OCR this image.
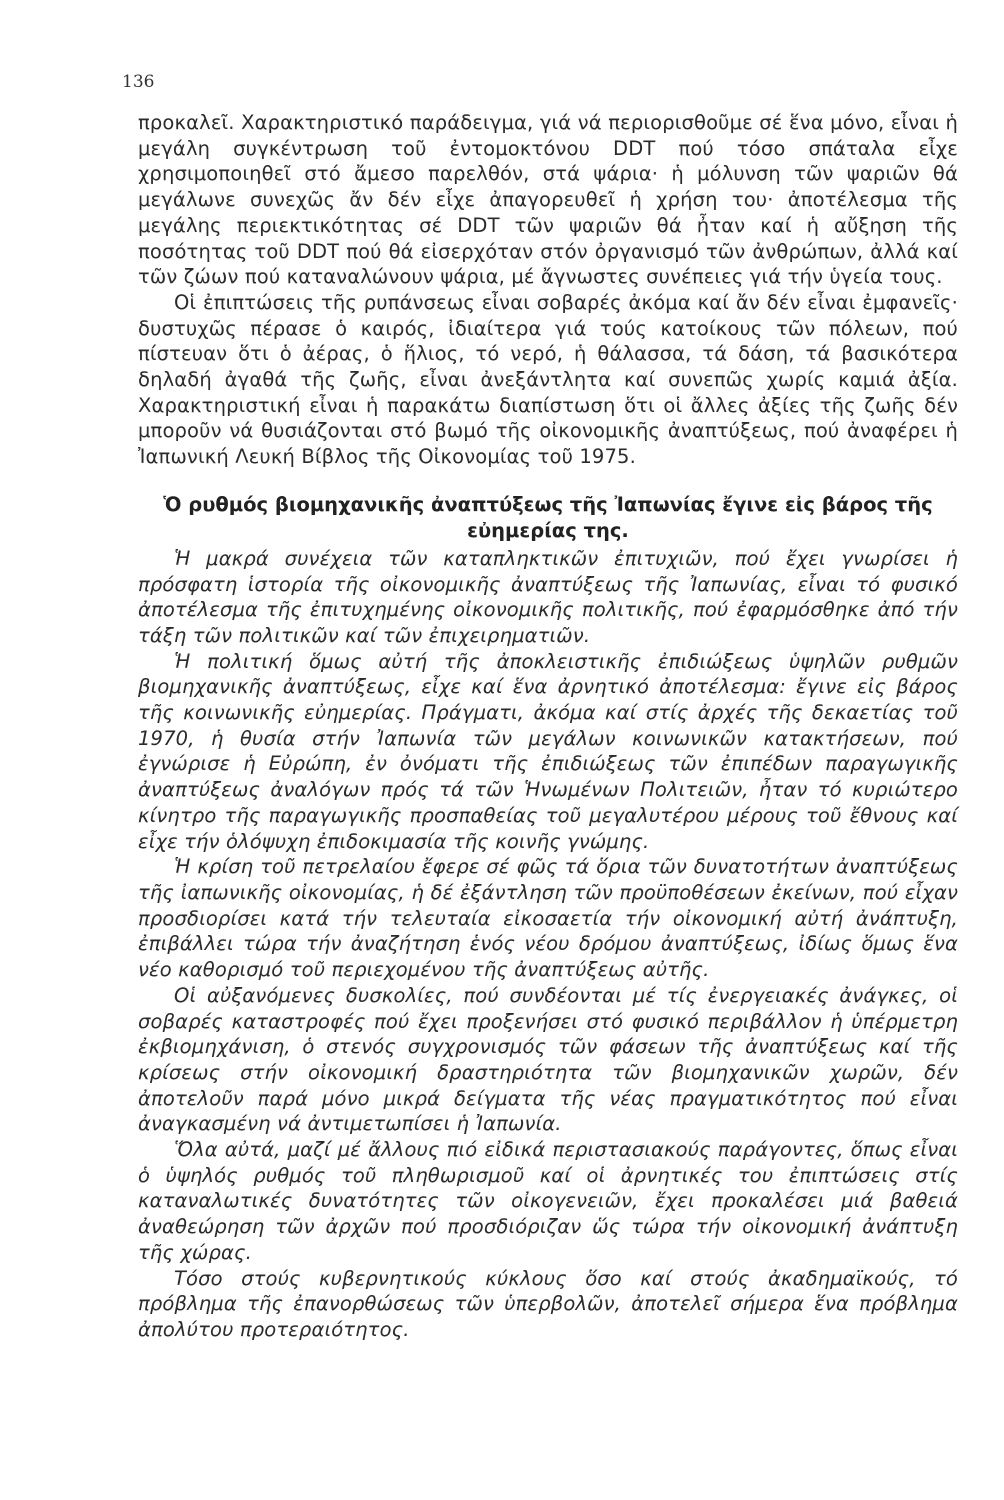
136

προκαλεῖ. Χαρακτηριστικό παράδειγμα, γιά νά περιορισθοῦμε σέ ἕνα μόνο, εἶναι ἡ μεγάλη συγκέντρωση τοῦ ἐντομοκτόνου DDT πού τόσο σπάταλα εἶχε χρησιμοποιηθεῖ στό ἄμεσο παρελθόν, στά ψάρια· ἡ μόλυνση τῶν ψαριῶν θά μεγάλωνε συνεχῶς ἄν δέν εἶχε ἀπαγορευθεῖ ἡ χρήση του· ἀποτέλεσμα τῆς μεγάλης περιεκτικότητας σέ DDT τῶν ψαριῶν θά ἦταν καί ἡ αὔξηση τῆς ποσότητας τοῦ DDT πού θά εἰσερχόταν στόν ὀργανισμό τῶν ἀνθρώπων, ἀλλά καί τῶν ζώων πού καταναλώνουν ψάρια, μέ ἄγνωστες συνέπειες γιά τήν ὑγεία τους.

Οἱ ἐπιπτώσεις τῆς ρυπάνσεως εἶναι σοβαρές ἀκόμα καί ἄν δέν εἶναι ἐμφανεῖς· δυστυχῶς πέρασε ὁ καιρός, ἰδιαίτερα γιά τούς κατοίκους τῶν πόλεων, πού πίστευαν ὅτι ὁ ἀέρας, ὁ ἥλιος, τό νερό, ἡ θάλασσα, τά δάση, τά βασικότερα δηλαδή ἀγαθά τῆς ζωῆς, εἶναι ἀνεξάντλητα καί συνεπῶς χωρίς καμιά ἀξία. Χαρακτηριστική εἶναι ἡ παρακάτω διαπίστωση ὅτι οἱ ἄλλες ἀξίες τῆς ζωῆς δέν μποροῦν νά θυσιάζονται στό βωμό τῆς οἰκονομικῆς ἀναπτύξεως, πού ἀναφέρει ἡ Ἰαπωνική Λευκή Βίβλος τῆς Οἰκονομίας τοῦ 1975.

Ὁ ρυθμός βιομηχανικῆς ἀναπτύξεως τῆς Ἰαπωνίας ἔγινε εἰς βάρος τῆς εὐημερίας της.

Ἡ μακρά συνέχεια τῶν καταπληκτικῶν ἐπιτυχιῶν, πού ἔχει γνωρίσει ἡ πρόσφατη ἱστορία τῆς οἰκονομικῆς ἀναπτύξεως τῆς Ἰαπωνίας, εἶναι τό φυσικό ἀποτέλεσμα τῆς ἐπιτυχημένης οἰκονομικῆς πολιτικῆς, πού ἐφαρμόσθηκε ἀπό τήν τάξη τῶν πολιτικῶν καί τῶν ἐπιχειρηματιῶν.

Ἡ πολιτική ὅμως αὐτή τῆς ἀποκλειστικῆς ἐπιδιώξεως ὑψηλῶν ρυθμῶν βιομηχανικῆς ἀναπτύξεως, εἶχε καί ἕνα ἀρνητικό ἀποτέλεσμα: ἔγινε εἰς βάρος τῆς κοινωνικῆς εὐημερίας. Πράγματι, ἀκόμα καί στίς ἀρχές τῆς δεκαετίας τοῦ 1970, ἡ θυσία στήν Ἰαπωνία τῶν μεγάλων κοινωνικῶν κατακτήσεων, πού ἐγνώρισε ἡ Εὐρώπη, ἐν ὀνόματι τῆς ἐπιδιώξεως τῶν ἐπιπέδων παραγωγικῆς ἀναπτύξεως ἀναλόγων πρός τά τῶν Ἡνωμένων Πολιτειῶν, ἦταν τό κυριώτερο κίνητρο τῆς παραγωγικῆς προσπαθείας τοῦ μεγαλυτέρου μέρους τοῦ ἔθνους καί εἶχε τήν ὁλόψυχη ἐπιδοκιμασία τῆς κοινῆς γνώμης.

Ἡ κρίση τοῦ πετρελαίου ἔφερε σέ φῶς τά ὅρια τῶν δυνατοτήτων ἀναπτύξεως τῆς ἰαπωνικῆς οἰκονομίας, ἡ δέ ἐξάντληση τῶν προϋποθέσεων ἐκείνων, πού εἶχαν προσδιορίσει κατά τήν τελευταία εἰκοσαετία τήν οἰκονομική αὐτή ἀνάπτυξη, ἐπιβάλλει τώρα τήν ἀναζήτηση ἑνός νέου δρόμου ἀναπτύξεως, ἰδίως ὅμως ἕνα νέο καθορισμό τοῦ περιεχομένου τῆς ἀναπτύξεως αὐτῆς.

Οἱ αὐξανόμενες δυσκολίες, πού συνδέονται μέ τίς ἐνεργειακές ἀνάγκες, οἱ σοβαρές καταστροφές πού ἔχει προξενήσει στό φυσικό περιβάλλον ἡ ὑπέρμετρη ἐκβιομηχάνιση, ὁ στενός συγχρονισμός τῶν φάσεων τῆς ἀναπτύξεως καί τῆς κρίσεως στήν οἰκονομική δραστηριότητα τῶν βιομηχανικῶν χωρῶν, δέν ἀποτελοῦν παρά μόνο μικρά δείγματα τῆς νέας πραγματικότητος πού εἶναι ἀναγκασμένη νά ἀντιμετωπίσει ἡ Ἰαπωνία.

Ὅλα αὐτά, μαζί μέ ἄλλους πιό εἰδικά περιστασιακούς παράγοντες, ὅπως εἶναι ὁ ὑψηλός ρυθμός τοῦ πληθωρισμοῦ καί οἱ ἀρνητικές του ἐπιπτώσεις στίς καταναλωτικές δυνατότητες τῶν οἰκογενειῶν, ἔχει προκαλέσει μιά βαθειά ἀναθεώρηση τῶν ἀρχῶν πού προσδιόριζαν ὥς τώρα τήν οἰκονομική ἀνάπτυξη τῆς χώρας.

Τόσο στούς κυβερνητικούς κύκλους ὅσο καί στούς ἀκαδημαϊκούς, τό πρόβλημα τῆς ἐπανορθώσεως τῶν ὑπερβολῶν, ἀποτελεῖ σήμερα ἕνα πρόβλημα ἀπολύτου προτεραιότητος.
